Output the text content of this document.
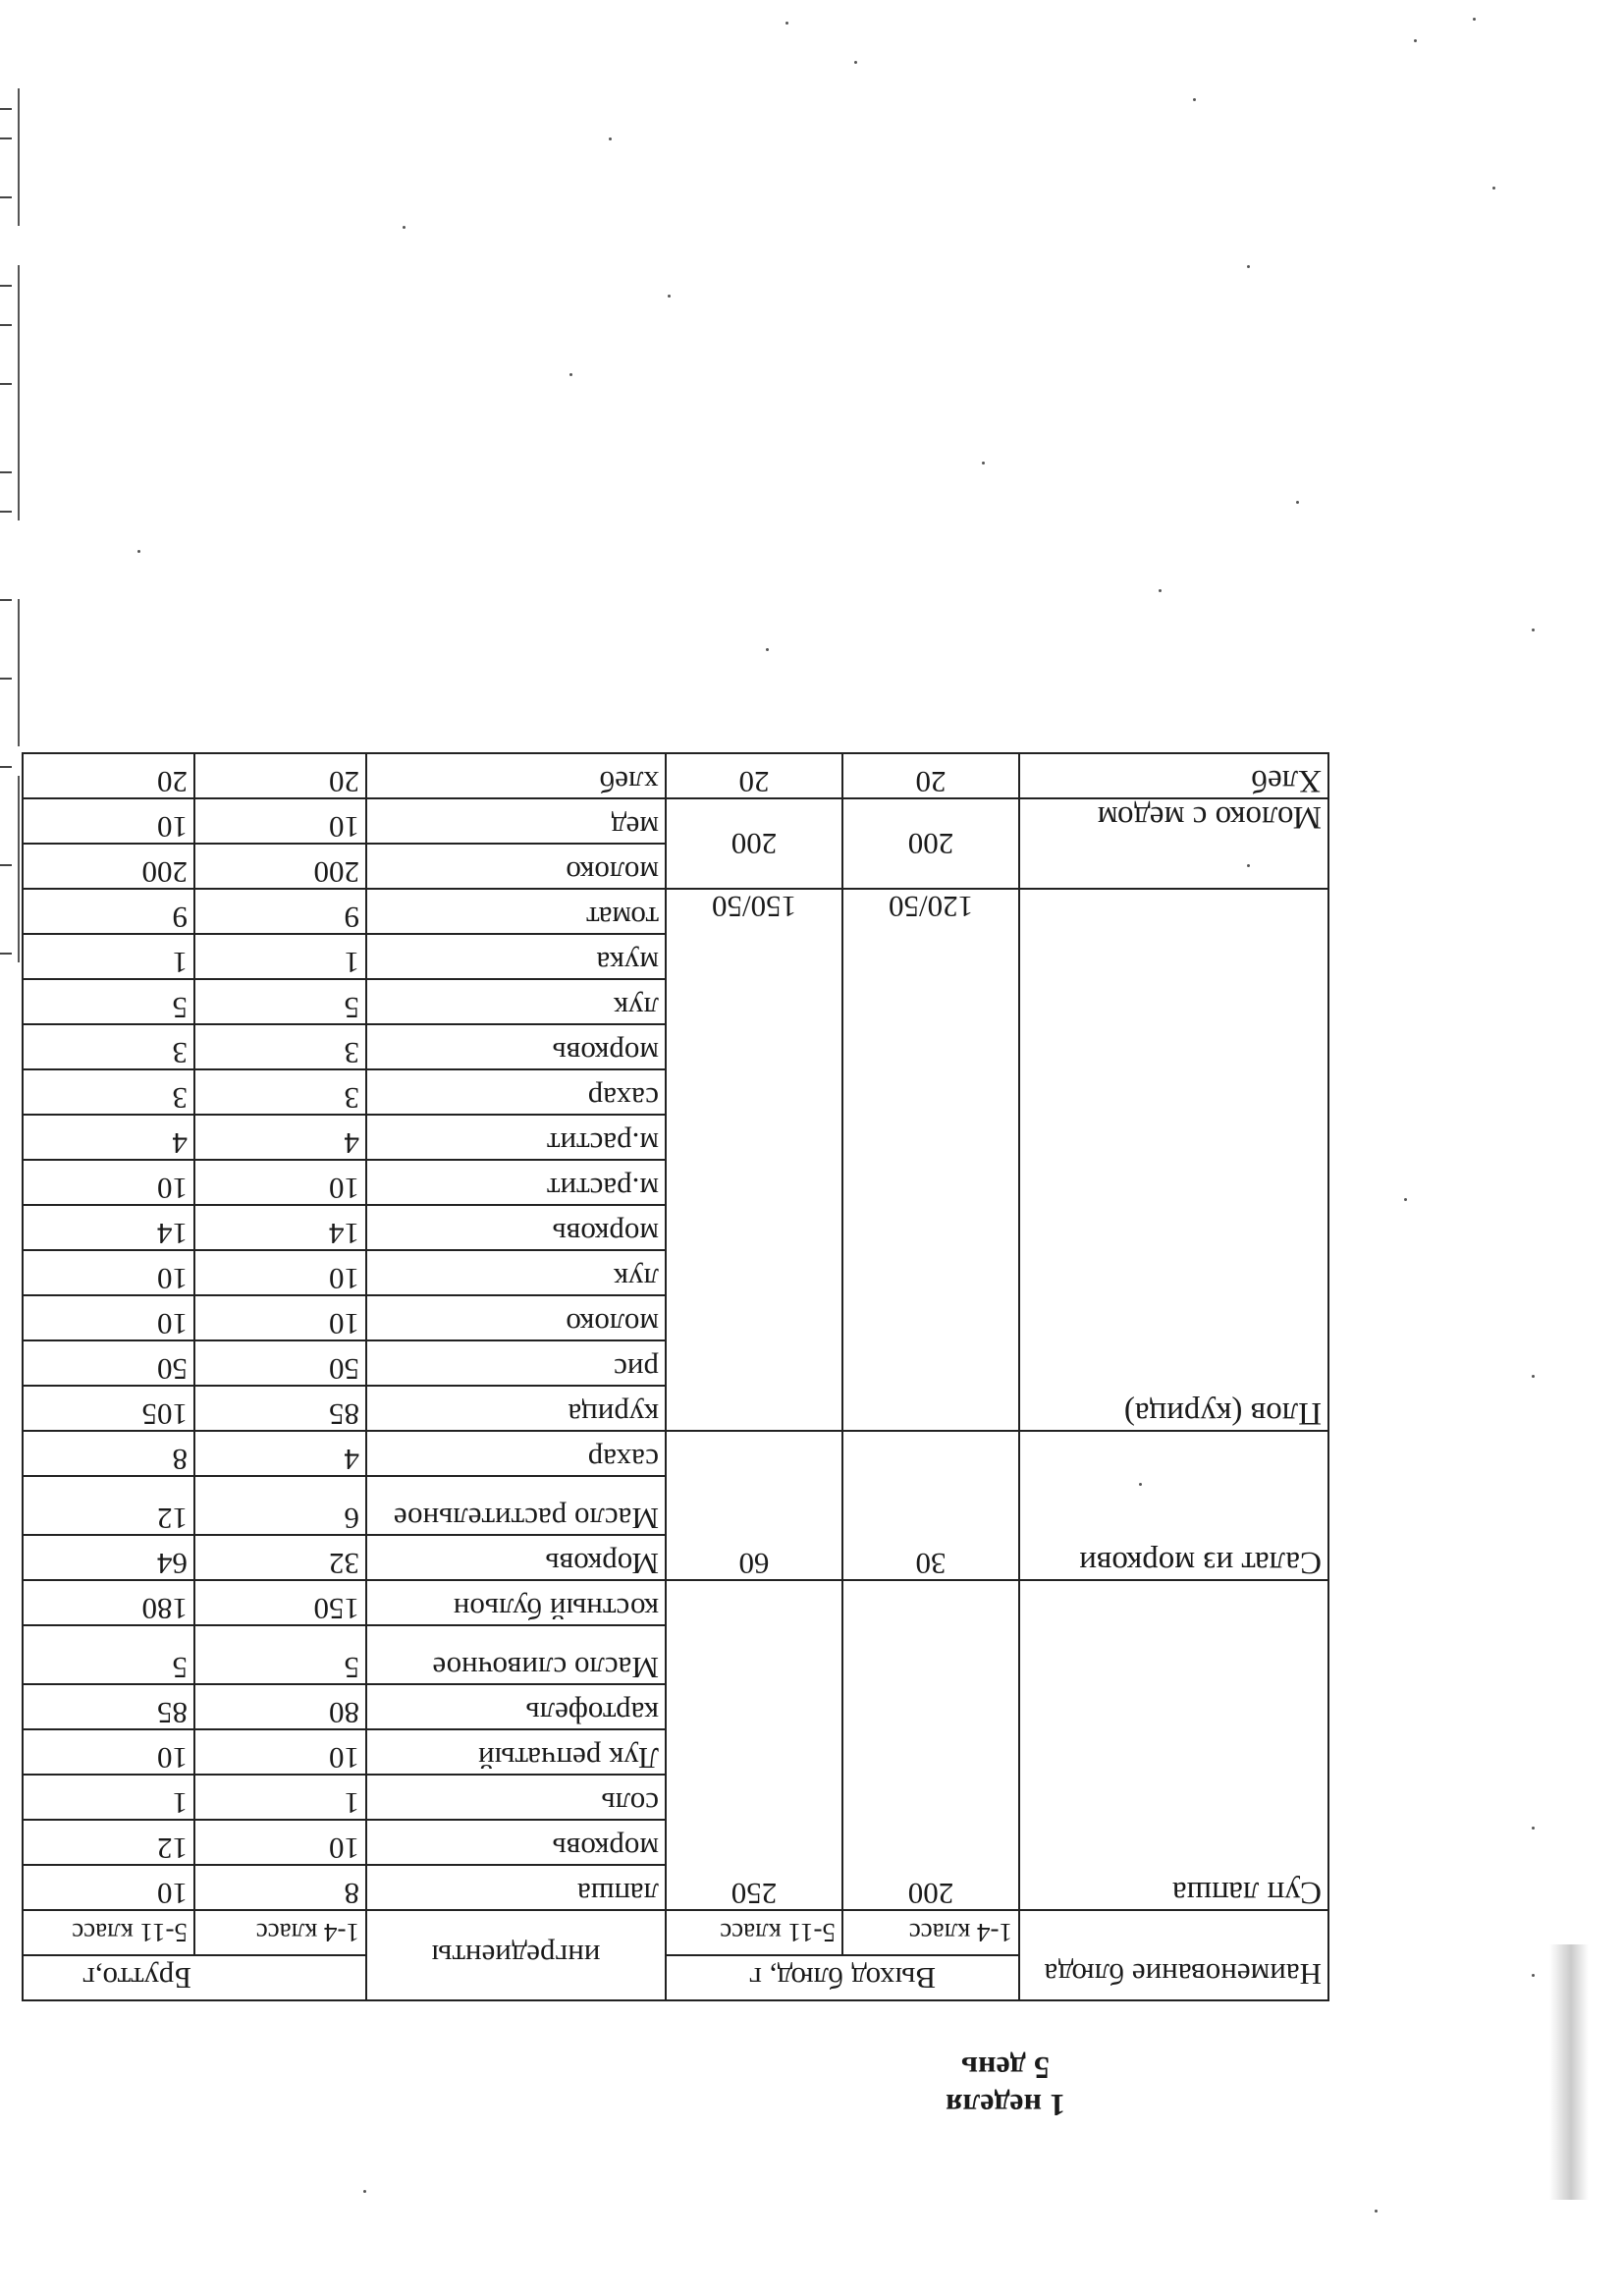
1 неделя
5 день
Наименование блюда	Выход блюд, г		ингредиенты	Брутто,г	
	1-4 класс	5-11 класс		1-4 класс	5-11 класс
Суп лапша	200	250	лапша	8	10
			морковь	10	12
			соль	1	1
			Лук репчатый	10	10
			картофель	80	85
			Масло сливочное	5	5
			костный бульон	150	180
Салат из моркови	30	60	Морковь	32	64
			Масло растительное	6	12
			сахар	4	8
Плов (курица)	120/50	150/50	курица	85	105
			рис	50	50
			молоко	10	10
			лук	10	10
			морковь	14	14
			м.растит	10	10
			м.растит	4	4
			сахар	3	3
			морковь	3	3
			лук	5	5
			мука	1	1
			томат	9	9
Молоко с медом	200	200	молоко	200	200
			мед	10	10
Хлеб	20	20	хлеб	20	20
